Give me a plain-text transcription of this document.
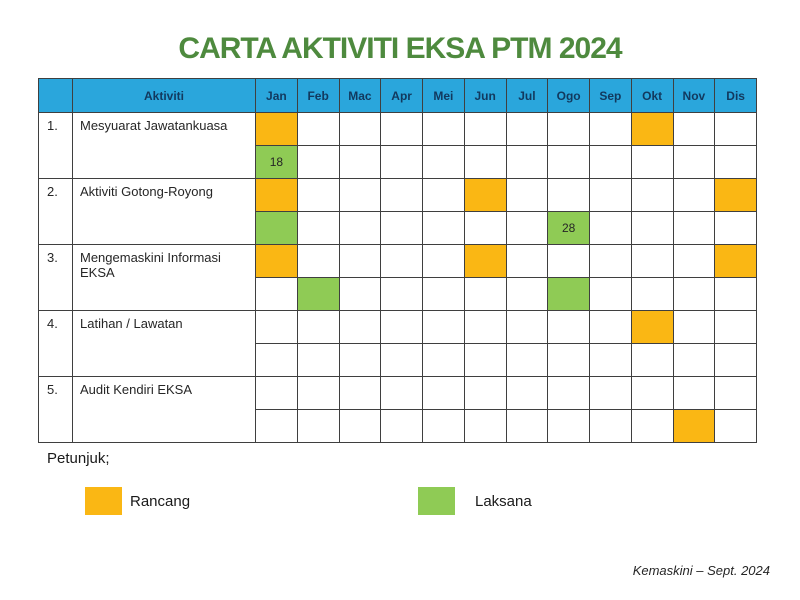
CARTA AKTIVITI EKSA PTM 2024
	Aktiviti	Jan	Feb	Mac	Apr	Mei	Jun	Jul	Ogo	Sep	Okt	Nov	Dis
1.	Mesyuarat Jawatankuasa												
		18											
2.	Aktiviti Gotong-Royong												
									28				
3.	Mengemaskini Informasi EKSA												

4.	Latihan / Lawatan												

5.	Audit Kendiri EKSA												

Petunjuk;
Rancang	Laksana
Kemaskini – Sept. 2024
